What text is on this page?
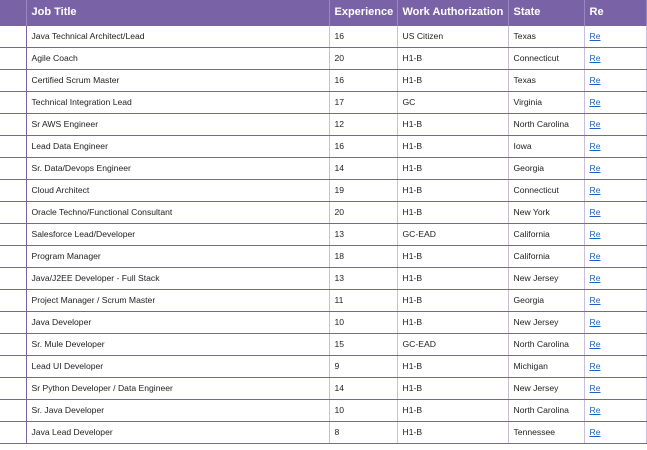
	Job Title	Experience	Work Authorization	State	Re
	Java Technical Architect/Lead	16	US Citizen	Texas	Re
	Agile Coach	20	H1-B	Connecticut	Re
	Certified Scrum Master	16	H1-B	Texas	Re
	Technical Integration Lead	17	GC	Virginia	Re
	Sr AWS Engineer	12	H1-B	North Carolina	Re
	Lead Data Engineer	16	H1-B	Iowa	Re
	Sr. Data/Devops Engineer	14	H1-B	Georgia	Re
	Cloud Architect	19	H1-B	Connecticut	Re
	Oracle Techno/Functional Consultant	20	H1-B	New York	Re
	Salesforce Lead/Developer	13	GC-EAD	California	Re
	Program Manager	18	H1-B	California	Re
	Java/J2EE Developer - Full Stack	13	H1-B	New Jersey	Re
	Project Manager / Scrum Master	11	H1-B	Georgia	Re
	Java Developer	10	H1-B	New Jersey	Re
	Sr. Mule Developer	15	GC-EAD	North Carolina	Re
	Lead UI Developer	9	H1-B	Michigan	Re
	Sr Python Developer / Data Engineer	14	H1-B	New Jersey	Re
	Sr. Java Developer	10	H1-B	North Carolina	Re
	Java Lead Developer	8	H1-B	Tennessee	Re
